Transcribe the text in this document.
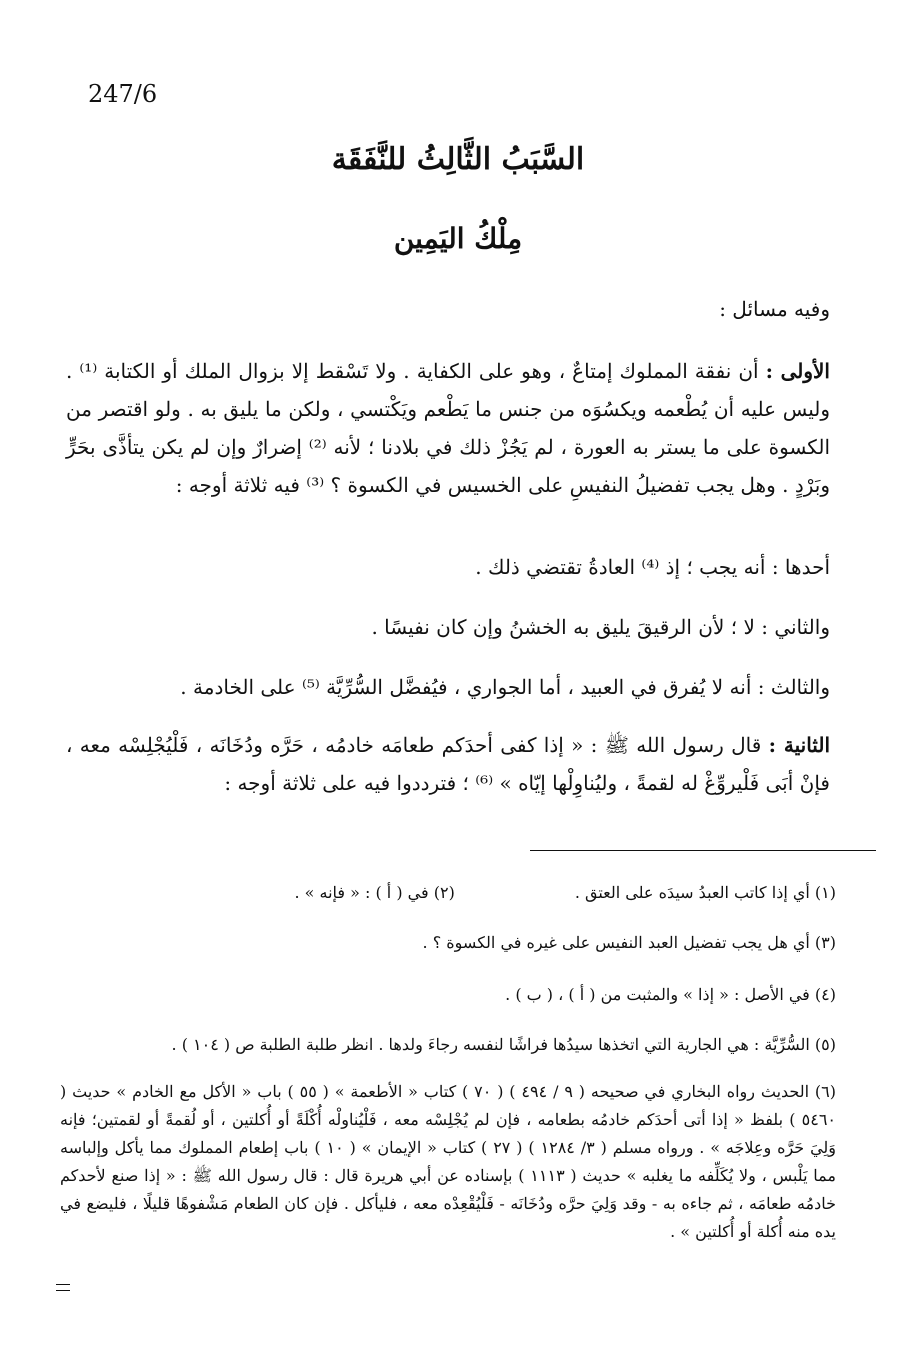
247/6
السَّبَبُ الثَّالِثُ للنَّفَقَة
مِلْكُ اليَمِين

وفيه مسائل :

الأولى : أن نفقة المملوك إمتاعٌ ، وهو على الكفاية . ولا تَسْقط إلا بزوال الملك أو الكتابة ⁽¹⁾ . وليس عليه أن يُطْعمه ويكسُوَه من جنس ما يَطْعم ويَكْتسي ، ولكن ما يليق به . ولو اقتصر من الكسوة على ما يستر به العورة ، لم يَجُزْ ذلك في بلادنا ؛ لأنه ⁽²⁾ إضرارٌ وإن لم يكن يتأذَّى بحَرٍّ وبَرْدٍ . وهل يجب تفضيلُ النفيسِ على الخسيس في الكسوة ؟ ⁽³⁾ فيه ثلاثة أوجه :

أحدها : أنه يجب ؛ إذ ⁽⁴⁾ العادةُ تقتضي ذلك .

والثاني : لا ؛ لأن الرقيقَ يليق به الخشنُ وإن كان نفيسًا .

والثالث : أنه لا يُفرق في العبيد ، أما الجواري ، فيُفضَّل السُّرِّيَّة ⁽⁵⁾ على الخادمة .

الثانية : قال رسول الله ﷺ : « إذا كفى أحدَكم طعامَه خادمُه ، حَرَّه ودُخَانَه ، فَلْيُجْلِسْه معه ، فإنْ أبَى فَلْيروِّغْ له لقمةً ، وليُناوِلْها إيّاه » ⁽⁶⁾ ؛ فترددوا فيه على ثلاثة أوجه :

(١) أي إذا كاتب العبدُ سيدَه على العتق .
(٢) في ( أ ) : « فإنه » .

(٣) أي هل يجب تفضيل العبد النفيس على غيره في الكسوة ؟ .

(٤) في الأصل : « إذا » والمثبت من ( أ ) ، ( ب ) .

(٥) السُّرِّيَّة : هي الجارية التي اتخذها سيدُها فراشًا لنفسه رجاءَ ولدها . انظر طلبة الطلبة ص ( ١٠٤ ) .

(٦) الحديث رواه البخاري في صحيحه ( ٩ / ٤٩٤ ) ( ٧٠ ) كتاب « الأطعمة » ( ٥٥ ) باب « الأكل مع الخادم » حديث ( ٥٤٦٠ ) بلفظ « إذا أتى أحدَكم خادمُه بطعامه ، فإن لم يُجْلِسْه معه ، فَلْيُناولْه أُكْلَةً أو أُكلتين ، أو لُقمةً أو لقمتين؛ فإنه وَلِيَ حَرَّه وعِلاجَه » . ورواه مسلم ( ٣/ ١٢٨٤ ) ( ٢٧ ) كتاب « الإيمان » ( ١٠ ) باب إطعام المملوك مما يأكل وإلباسه مما يَلْبس ، ولا يُكَلِّفه ما يغلبه » حديث ( ١١١٣ ) بإسناده عن أبي هريرة قال : قال رسول الله ﷺ : « إذا صنع لأحدكم خادمُه طعامَه ، ثم جاءه به - وقد وَلِيَ حرَّه ودُخَانَه - فَلْيُقْعِدْه معه ، فليأكل . فإن كان الطعام مَشْفوهًا قليلًا ، فليضع في يده منه أُكلة أو أُكلتين » .
